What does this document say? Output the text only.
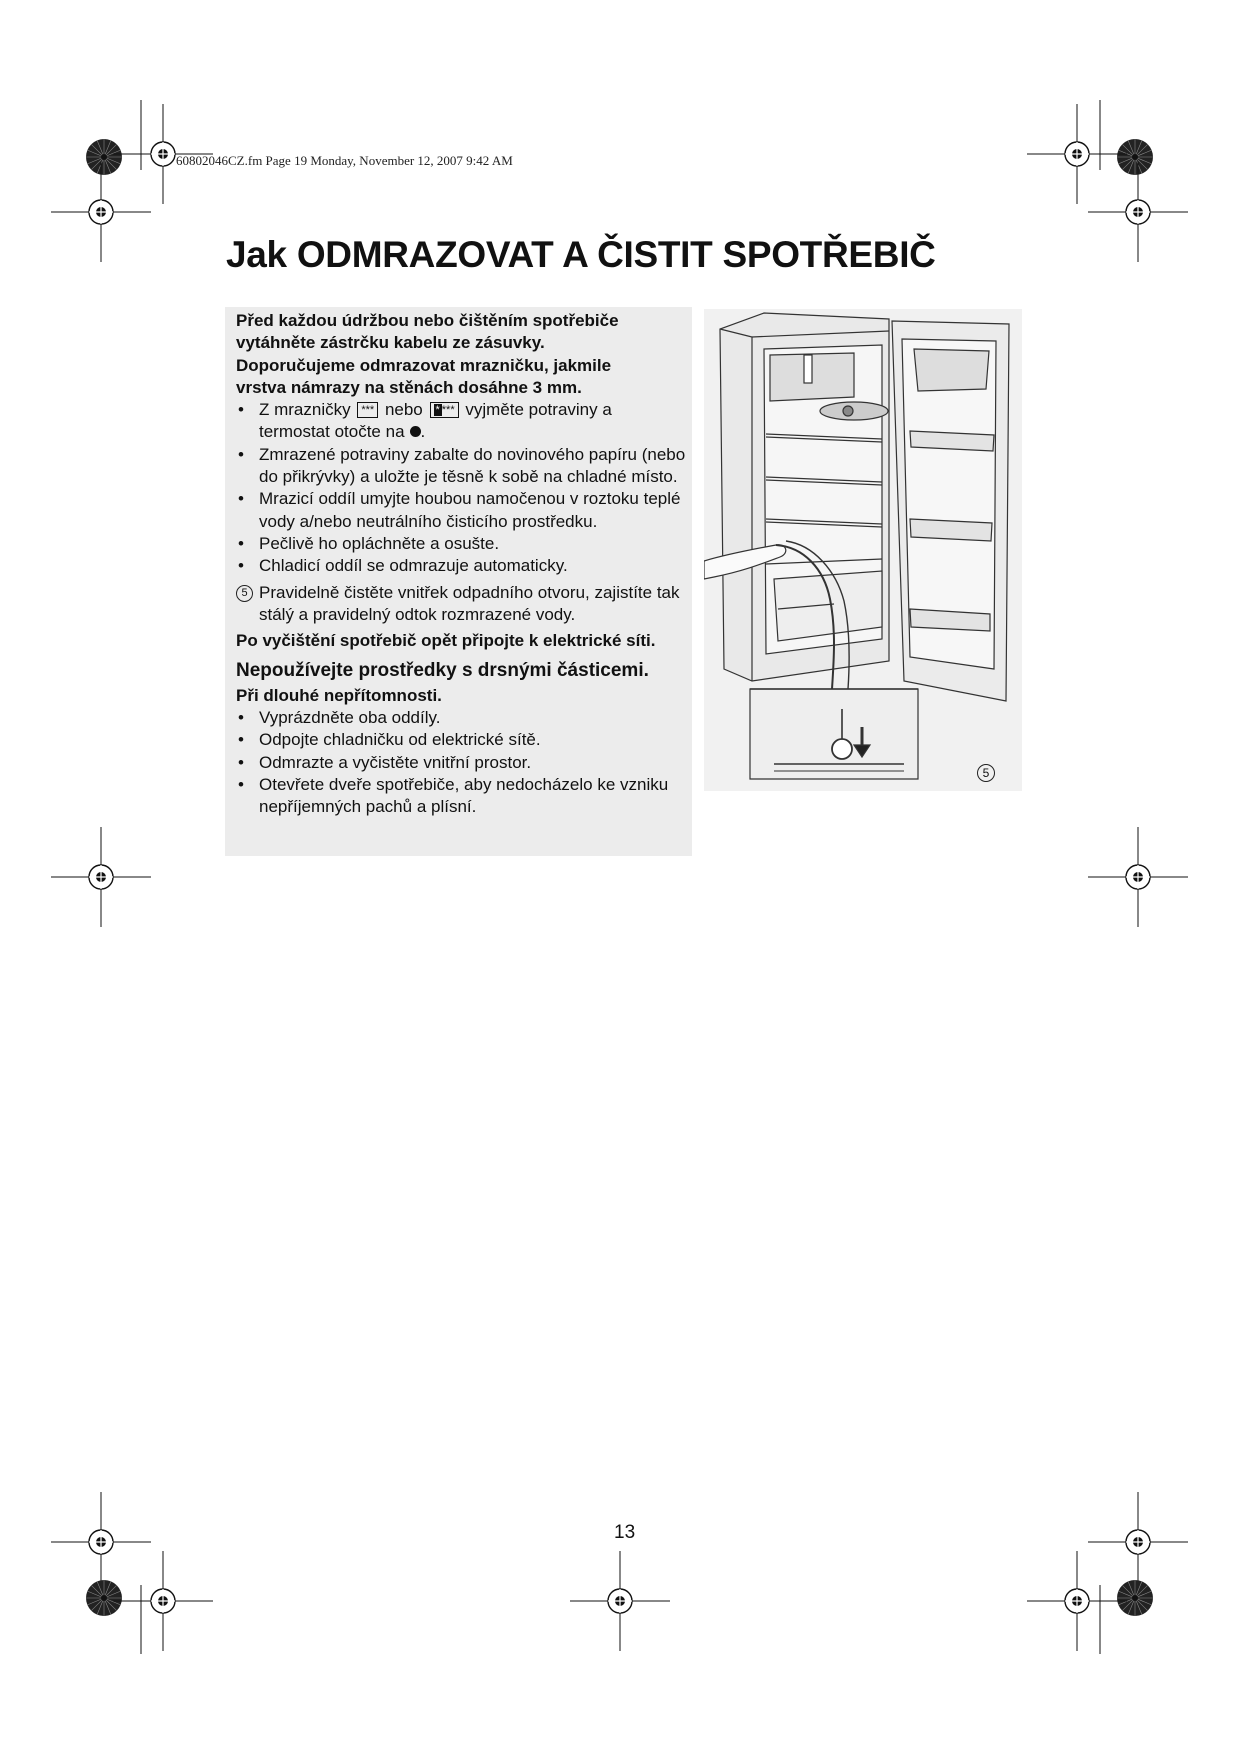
60802046CZ.fm Page 19 Monday, November 12, 2007 9:42 AM
Jak ODMRAZOVAT A ČISTIT SPOTŘEBIČ
Před každou údržbou nebo čištěním spotřebiče
vytáhněte zástrčku kabelu ze zásuvky.
Doporučujeme odmrazovat mrazničku, jakmile
vrstva námrazy na stěnách dosáhne 3 mm.
• Z mrazničky *** nebo * *** vyjměte potraviny a
termostat otočte na .
• Zmrazené potraviny zabalte do novinového papíru (nebo do přikrývky) a uložte je těsně k sobě na chladné místo.
• Mrazicí oddíl umyjte houbou namočenou v roztoku teplé vody a/nebo neutrálního čisticího prostředku.
• Pečlivě ho opláchněte a osušte.
• Chladicí oddíl se odmrazuje automaticky.
5 Pravidelně čistěte vnitřek odpadního otvoru, zajistíte tak stálý a pravidelný odtok rozmrazené vody.
Po vyčištění spotřebič opět připojte k elektrické síti.
Nepoužívejte prostředky s drsnými částicemi.
Při dlouhé nepřítomnosti.
• Vyprázdněte oba oddíly.
• Odpojte chladničku od elektrické sítě.
• Odmrazte a vyčistěte vnitřní prostor.
• Otevřete dveře spotřebiče, aby nedocházelo ke vzniku nepříjemných pachů a plísní.
5
13
